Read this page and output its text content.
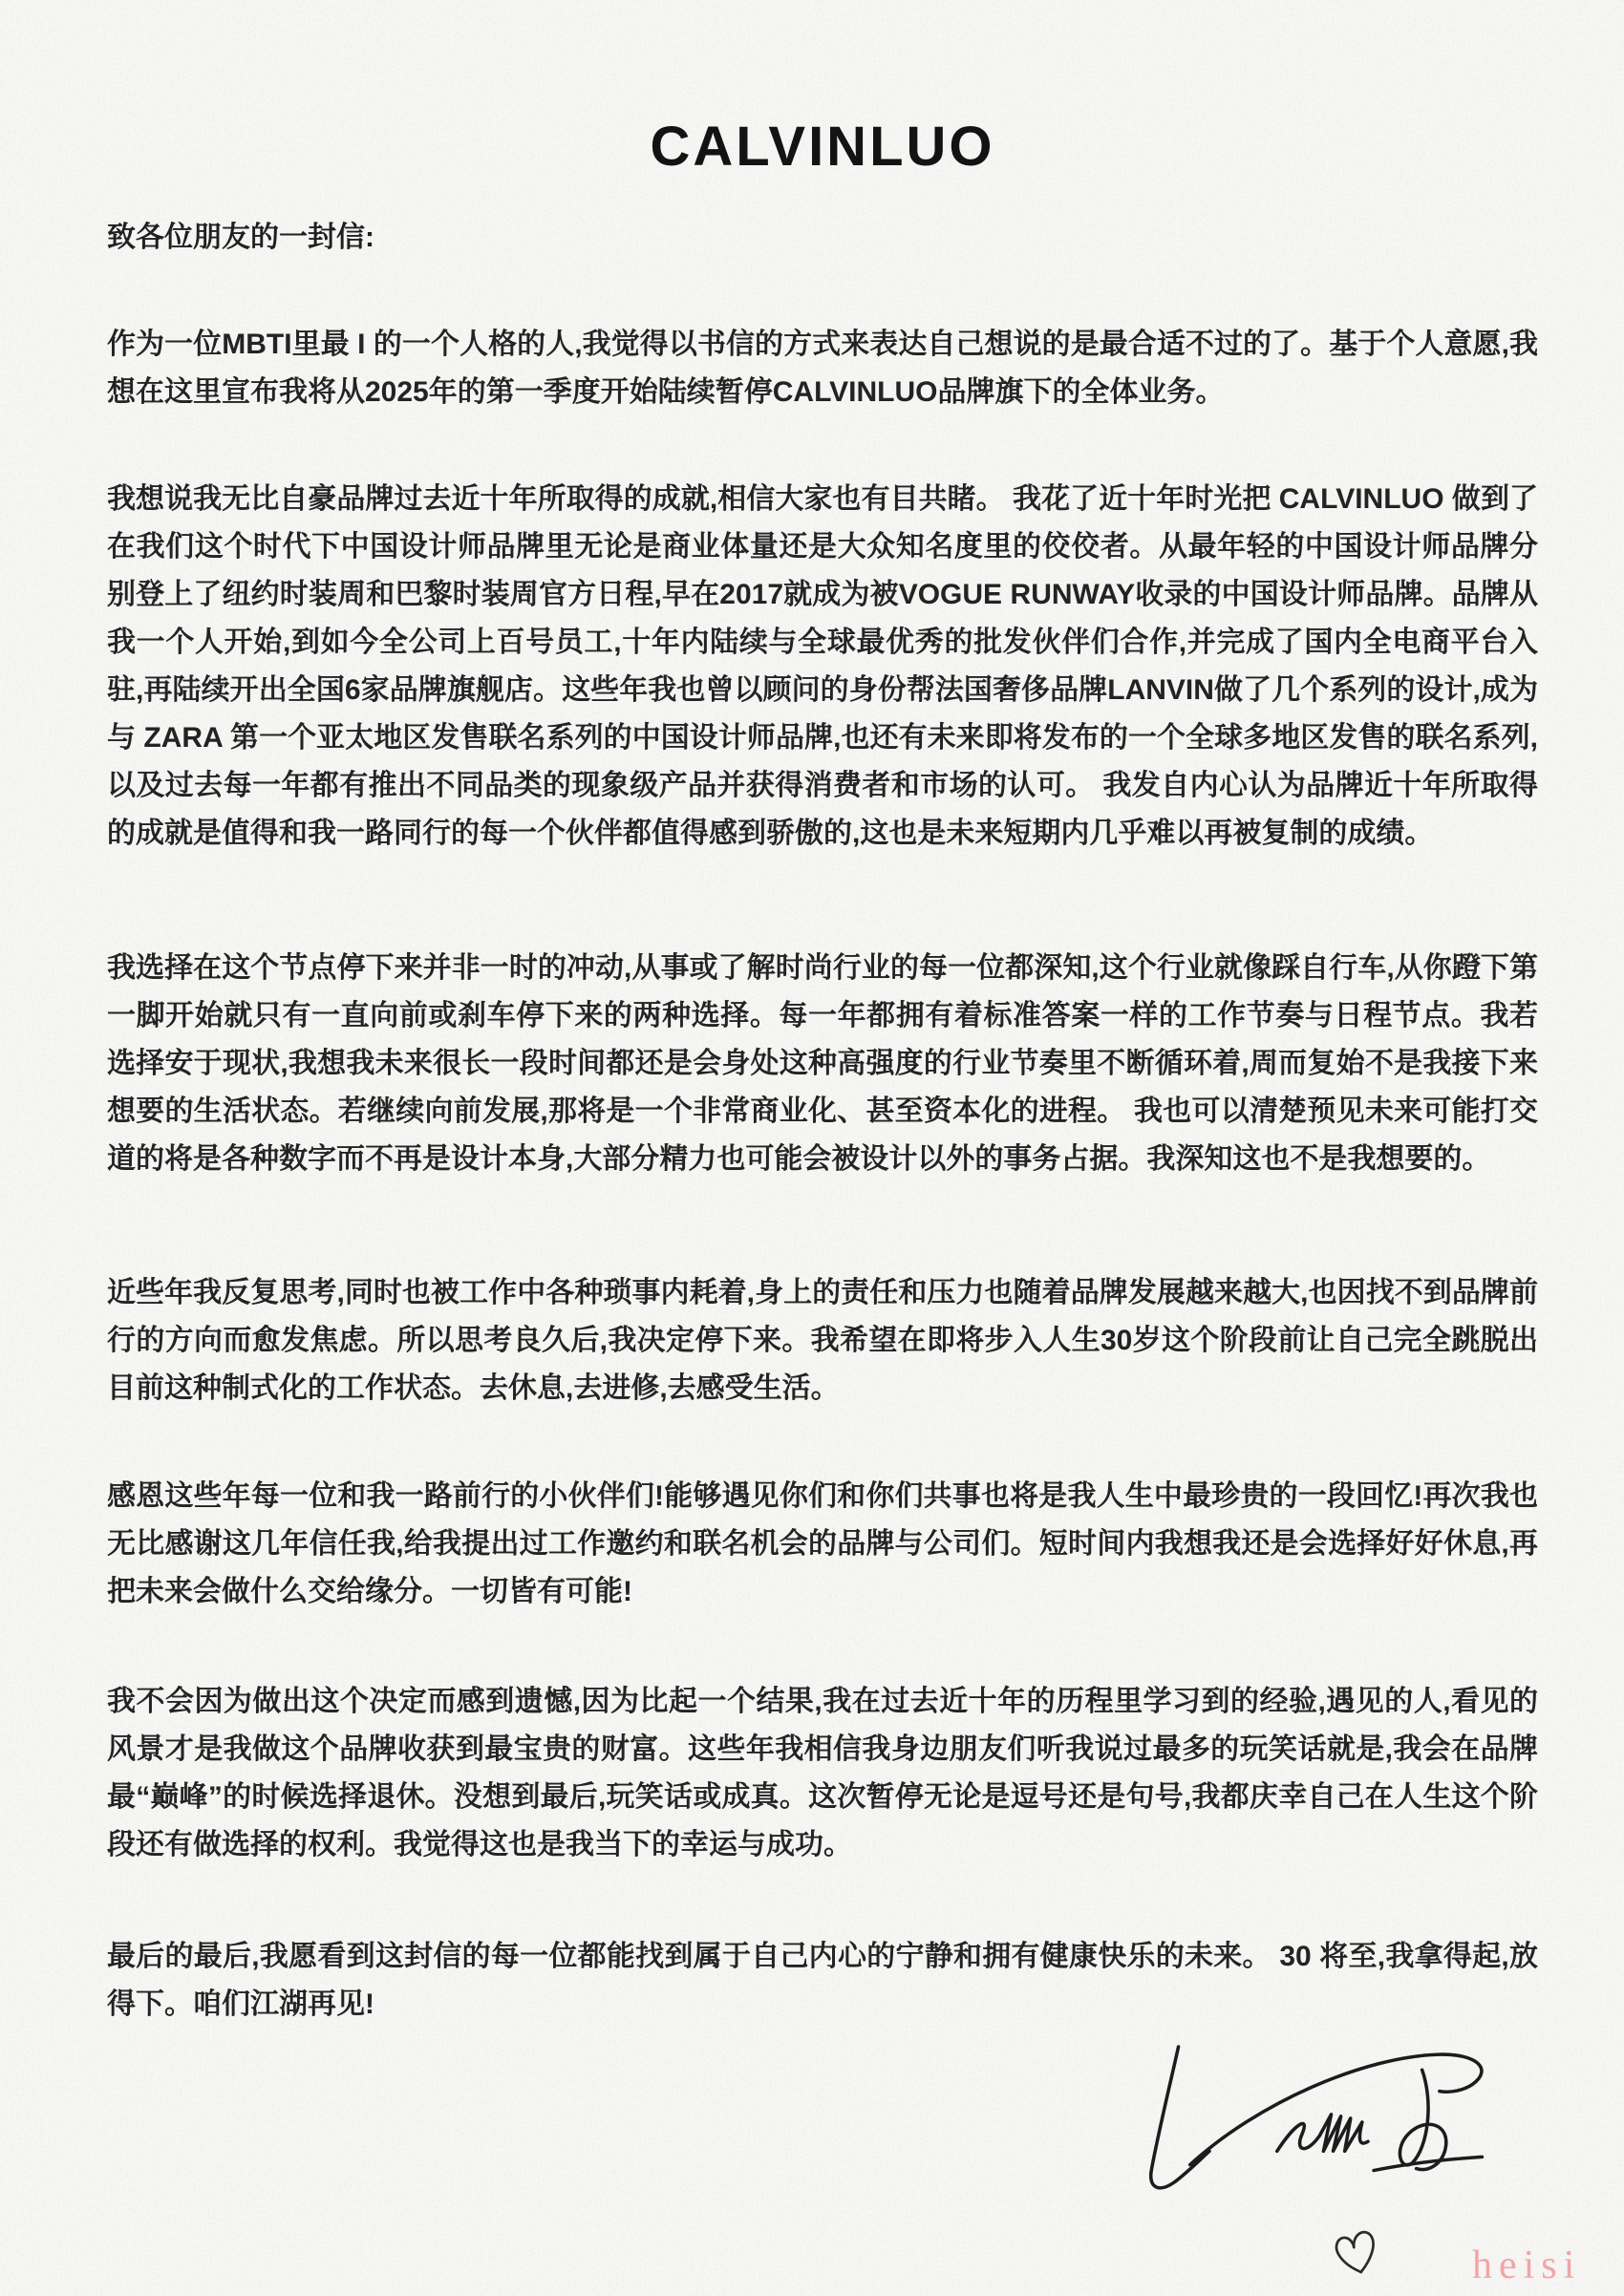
CALVINLUO
致各位朋友的一封信:

作为一位MBTI里最 I 的一个人格的人,我觉得以书信的方式来表达自己想说的是最合适不过的了。基于个人意愿,我想在这里宣布我将从2025年的第一季度开始陆续暂停CALVINLUO品牌旗下的全体业务。

我想说我无比自豪品牌过去近十年所取得的成就,相信大家也有目共睹。 我花了近十年时光把 CALVINLUO 做到了在我们这个时代下中国设计师品牌里无论是商业体量还是大众知名度里的佼佼者。从最年轻的中国设计师品牌分别登上了纽约时装周和巴黎时装周官方日程,早在2017就成为被VOGUE RUNWAY收录的中国设计师品牌。品牌从我一个人开始,到如今全公司上百号员工,十年内陆续与全球最优秀的批发伙伴们合作,并完成了国内全电商平台入驻,再陆续开出全国6家品牌旗舰店。这些年我也曾以顾问的身份帮法国奢侈品牌LANVIN做了几个系列的设计,成为与 ZARA 第一个亚太地区发售联名系列的中国设计师品牌,也还有未来即将发布的一个全球多地区发售的联名系列,以及过去每一年都有推出不同品类的现象级产品并获得消费者和市场的认可。 我发自内心认为品牌近十年所取得的成就是值得和我一路同行的每一个伙伴都值得感到骄傲的,这也是未来短期内几乎难以再被复制的成绩。

我选择在这个节点停下来并非一时的冲动,从事或了解时尚行业的每一位都深知,这个行业就像踩自行车,从你蹬下第一脚开始就只有一直向前或刹车停下来的两种选择。每一年都拥有着标准答案一样的工作节奏与日程节点。我若选择安于现状,我想我未来很长一段时间都还是会身处这种高强度的行业节奏里不断循环着,周而复始不是我接下来想要的生活状态。若继续向前发展,那将是一个非常商业化、甚至资本化的进程。 我也可以清楚预见未来可能打交道的将是各种数字而不再是设计本身,大部分精力也可能会被设计以外的事务占据。我深知这也不是我想要的。

近些年我反复思考,同时也被工作中各种琐事内耗着,身上的责任和压力也随着品牌发展越来越大,也因找不到品牌前行的方向而愈发焦虑。所以思考良久后,我决定停下来。我希望在即将步入人生30岁这个阶段前让自己完全跳脱出目前这种制式化的工作状态。去休息,去进修,去感受生活。

感恩这些年每一位和我一路前行的小伙伴们!能够遇见你们和你们共事也将是我人生中最珍贵的一段回忆!再次我也无比感谢这几年信任我,给我提出过工作邀约和联名机会的品牌与公司们。短时间内我想我还是会选择好好休息,再把未来会做什么交给缘分。一切皆有可能!

我不会因为做出这个决定而感到遗憾,因为比起一个结果,我在过去近十年的历程里学习到的经验,遇见的人,看见的风景才是我做这个品牌收获到最宝贵的财富。这些年我相信我身边朋友们听我说过最多的玩笑话就是,我会在品牌最“巅峰”的时候选择退休。没想到最后,玩笑话或成真。这次暂停无论是逗号还是句号,我都庆幸自己在人生这个阶段还有做选择的权利。我觉得这也是我当下的幸运与成功。

最后的最后,我愿看到这封信的每一位都能找到属于自己内心的宁静和拥有健康快乐的未来。 30 将至,我拿得起,放得下。咱们江湖再见!

heisi
